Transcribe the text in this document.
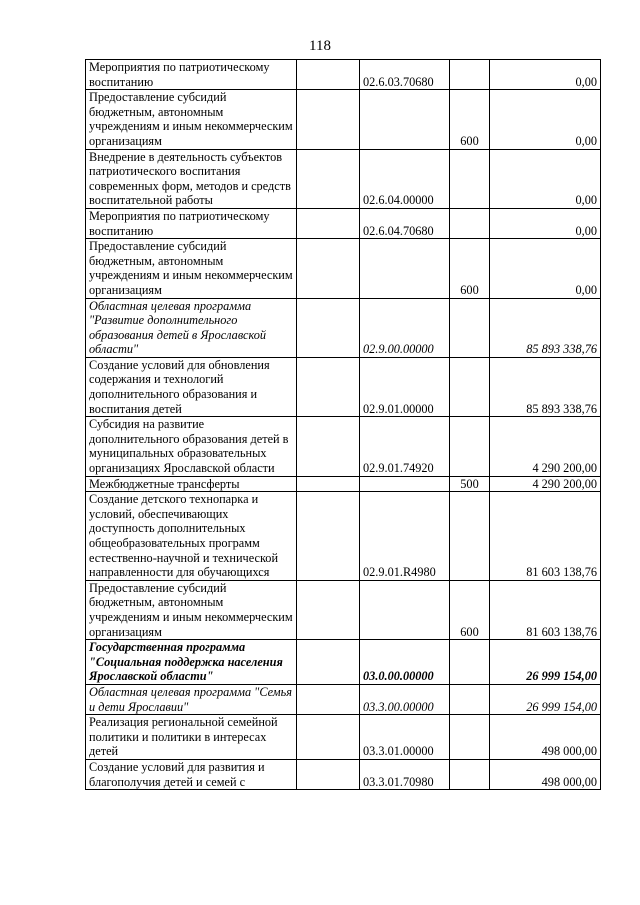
118
Мероприятия по патриотическому воспитанию		02.6.03.70680		0,00
Предоставление субсидий бюджетным, автономным учреждениям и иным некоммерческим организациям			600	0,00
Внедрение в деятельность субъектов патриотического воспитания современных форм, методов и средств воспитательной работы		02.6.04.00000		0,00
Мероприятия по патриотическому воспитанию		02.6.04.70680		0,00
Предоставление субсидий бюджетным, автономным учреждениям и иным некоммерческим организациям			600	0,00
Областная целевая программа "Развитие дополнительного образования детей в Ярославской области"		02.9.00.00000		85 893 338,76
Создание условий для обновления содержания и технологий дополнительного образования и воспитания детей		02.9.01.00000		85 893 338,76
Субсидия на развитие дополнительного образования детей в муниципальных образовательных организациях Ярославской области		02.9.01.74920		4 290 200,00
Межбюджетные трансферты			500	4 290 200,00
Создание детского технопарка и условий, обеспечивающих доступность дополнительных общеобразовательных программ естественно-научной и технической направленности для обучающихся		02.9.01.R4980		81 603 138,76
Предоставление субсидий бюджетным, автономным учреждениям и иным некоммерческим организациям			600	81 603 138,76
Государственная программа "Социальная поддержка населения Ярославской области"		03.0.00.00000		26 999 154,00
Областная целевая программа "Семья и дети Ярославии"		03.3.00.00000		26 999 154,00
Реализация региональной семейной политики и политики в интересах детей		03.3.01.00000		498 000,00
Создание условий для развития и благополучия детей и семей с		03.3.01.70980		498 000,00
